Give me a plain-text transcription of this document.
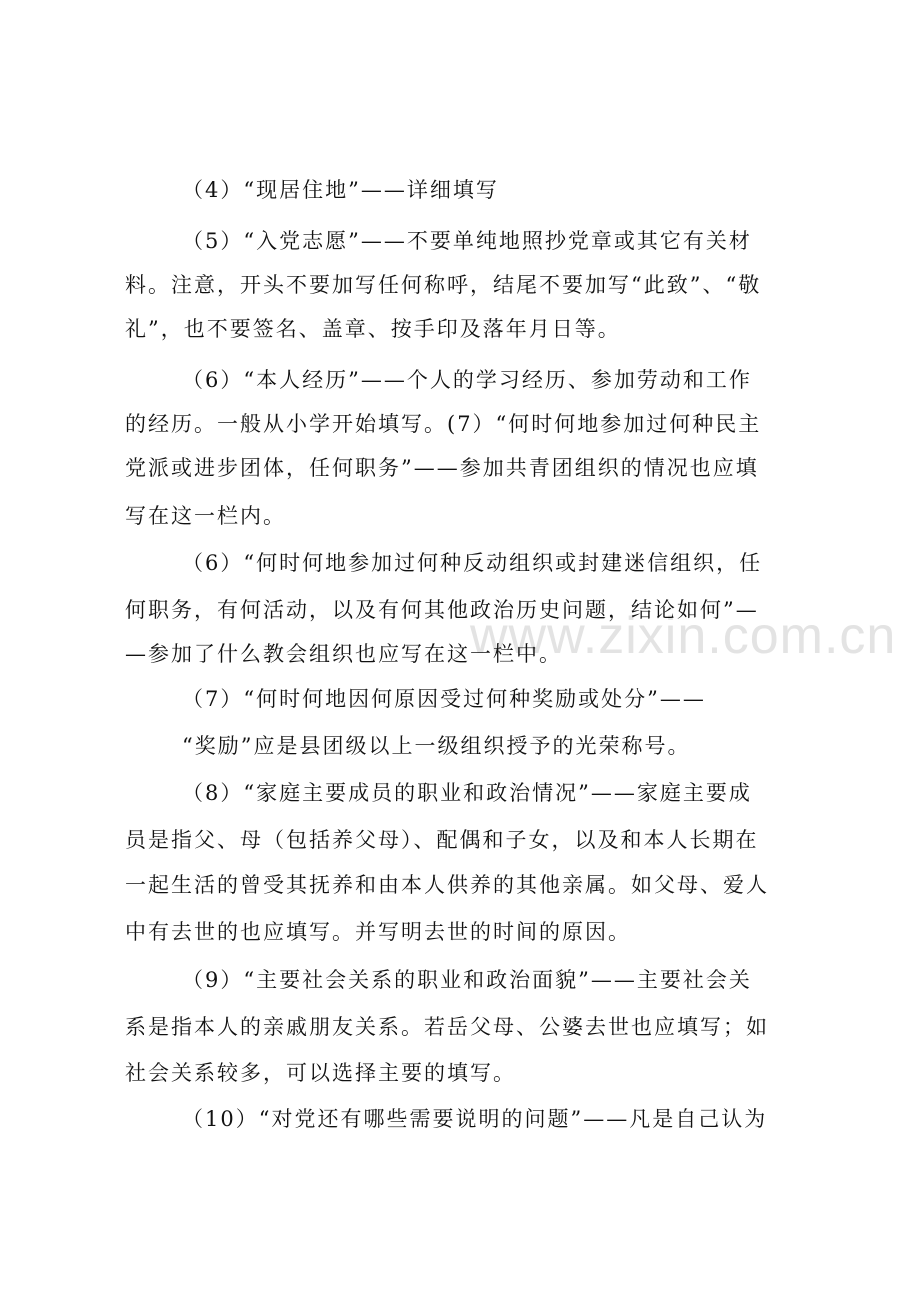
www.zixin.com.cn
（4）“现居住地”——详细填写
（5）“入党志愿”——不要单纯地照抄党章或其它有关材
料。注意，开头不要加写任何称呼，结尾不要加写“此致”、“敬
礼”，也不要签名、盖章、按手印及落年月日等。
（6）“本人经历”——个人的学习经历、参加劳动和工作
的经历。一般从小学开始填写。(7）“何时何地参加过何种民主
党派或进步团体，任何职务”——参加共青团组织的情况也应填
写在这一栏内。
（6）“何时何地参加过何种反动组织或封建迷信组织，任
何职务，有何活动，以及有何其他政治历史问题，结论如何”—
—参加了什么教会组织也应写在这一栏中。
（7）“何时何地因何原因受过何种奖励或处分”——
“奖励”应是县团级以上一级组织授予的光荣称号。
（8）“家庭主要成员的职业和政治情况”——家庭主要成
员是指父、母（包括养父母）、配偶和子女，以及和本人长期在
一起生活的曾受其抚养和由本人供养的其他亲属。如父母、爱人
中有去世的也应填写。并写明去世的时间的原因。
（9）“主要社会关系的职业和政治面貌”——主要社会关
系是指本人的亲戚朋友关系。若岳父母、公婆去世也应填写；如
社会关系较多，可以选择主要的填写。
（10）“对党还有哪些需要说明的问题”——凡是自己认为
